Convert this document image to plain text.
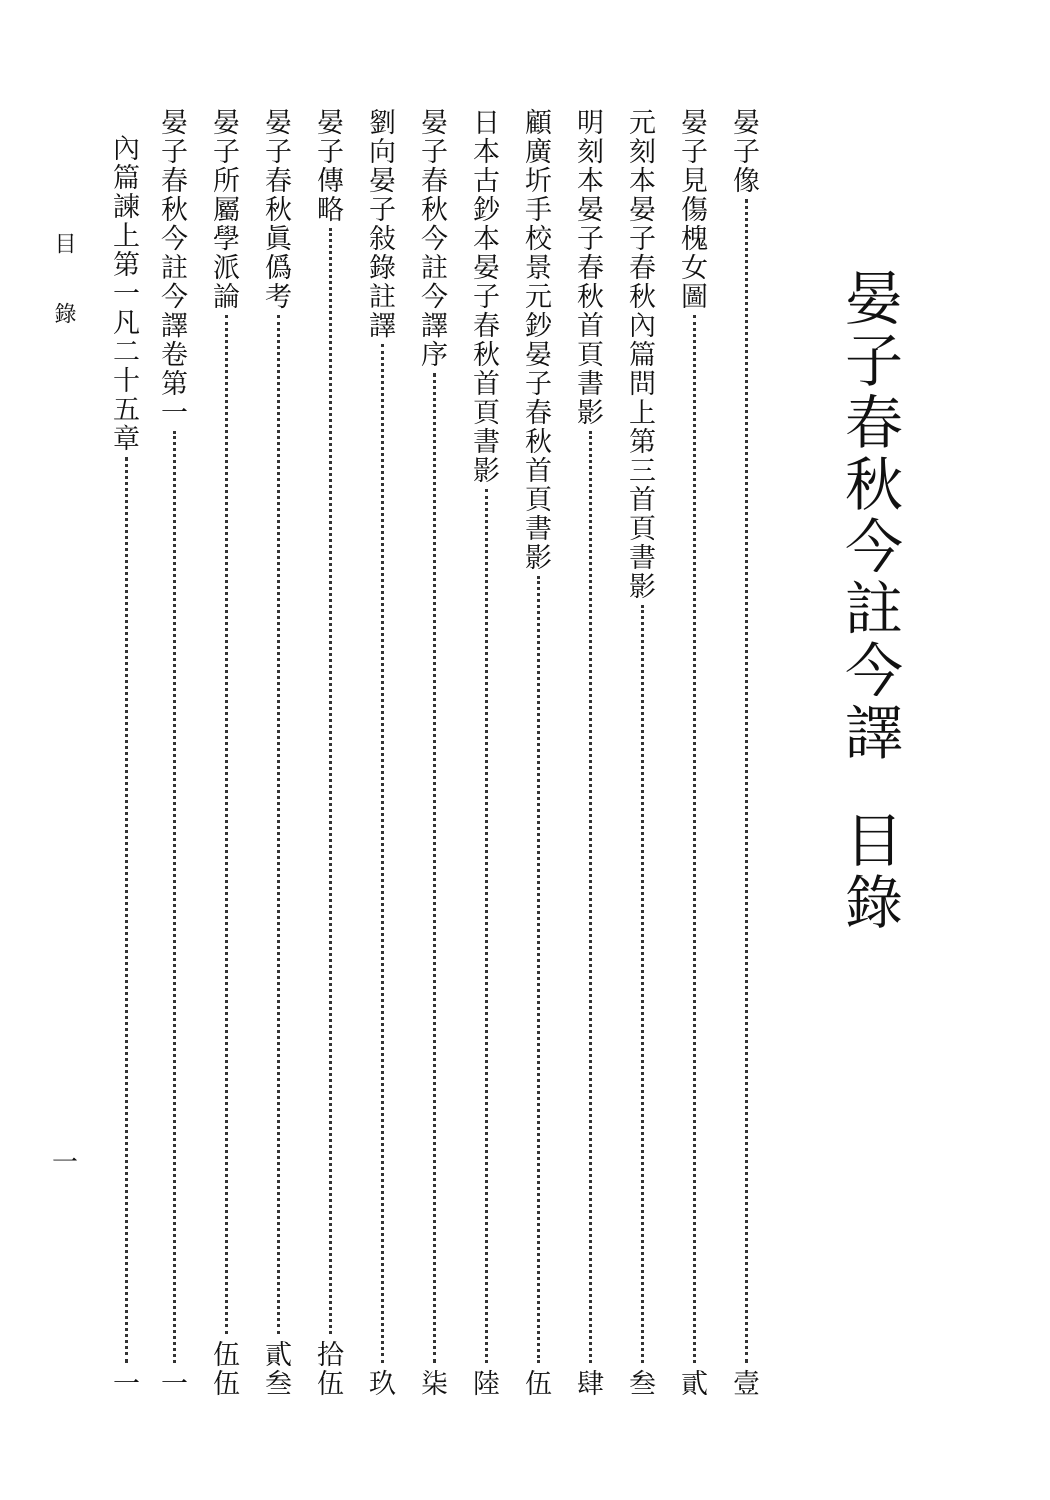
晏子春秋今註今譯
目錄
晏子像
壹
晏子見傷槐女圖
貳
元刻本晏子春秋內篇問上第三首頁書影
叁
明刻本晏子春秋首頁書影
肆
顧廣圻手校景元鈔晏子春秋首頁書影
伍
日本古鈔本晏子春秋首頁書影
陸
晏子春秋今註今譯序
柒
劉向晏子敍錄註譯
玖
晏子傳略
拾伍
晏子春秋眞僞考
貳叁
晏子所屬學派論
伍伍
晏子春秋今註今譯卷第一
一
內篇諫上第一凡二十五章
一
目錄
一
